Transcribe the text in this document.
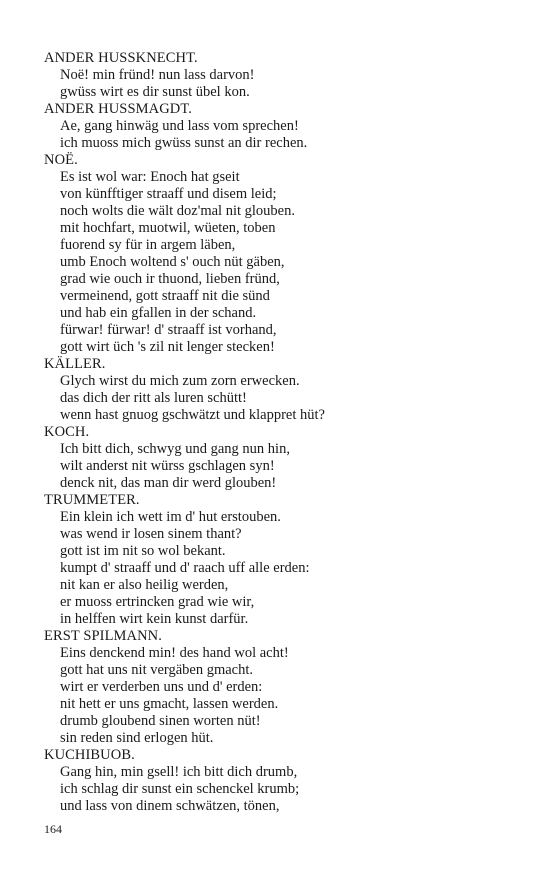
ANDER HUSSKNECHT.
Noë! min fründ! nun lass darvon!
gwüss wirt es dir sunst übel kon.
ANDER HUSSMAGDT.
Ae, gang hinwäg und lass vom sprechen!
ich muoss mich gwüss sunst an dir rechen.
NOË.
Es ist wol war: Enoch hat gseit
von künfftiger straaff und disem leid;
noch wolts die wält doz'mal nit glouben.
mit hochfart, muotwil, wüeten, toben
fuorend sy für in argem läben,
umb Enoch woltend s' ouch nüt gäben,
grad wie ouch ir thuond, lieben fründ,
vermeinend, gott straaff nit die sünd
und hab ein gfallen in der schand.
fürwar! fürwar! d' straaff ist vorhand,
gott wirt üch 's zil nit lenger stecken!
KÄLLER.
Glych wirst du mich zum zorn erwecken.
das dich der ritt als luren schütt!
wenn hast gnuog gschwätzt und klappret hüt?
KOCH.
Ich bitt dich, schwyg und gang nun hin,
wilt anderst nit würss gschlagen syn!
denck nit, das man dir werd glouben!
TRUMMETER.
Ein klein ich wett im d' hut erstouben.
was wend ir losen sinem thant?
gott ist im nit so wol bekant.
kumpt d' straaff und d' raach uff alle erden:
nit kan er also heilig werden,
er muoss ertrincken grad wie wir,
in helffen wirt kein kunst darfür.
ERST SPILMANN.
Eins denckend min! des hand wol acht!
gott hat uns nit vergäben gmacht.
wirt er verderben uns und d' erden:
nit hett er uns gmacht, lassen werden.
drumb gloubend sinen worten nüt!
sin reden sind erlogen hüt.
KUCHIBUOB.
Gang hin, min gsell! ich bitt dich drumb,
ich schlag dir sunst ein schenckel krumb;
und lass von dinem schwätzen, tönen,
164
